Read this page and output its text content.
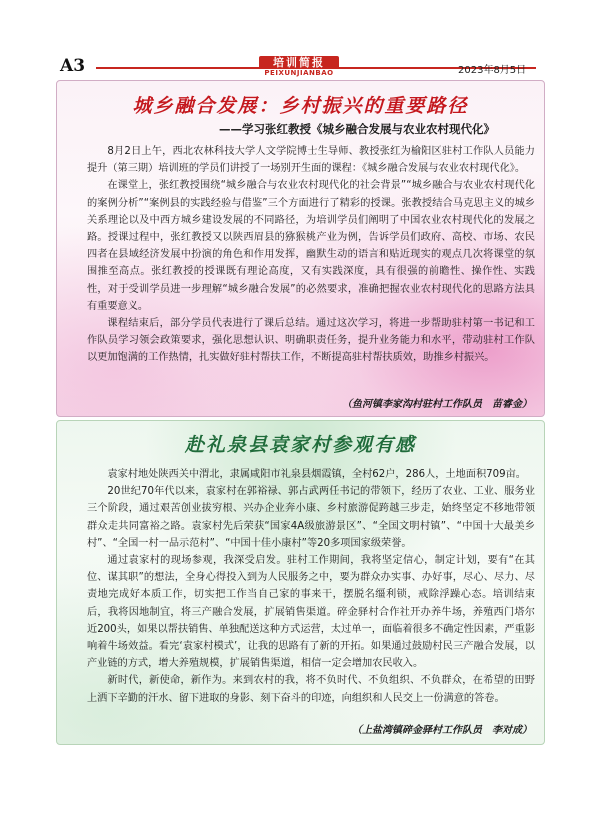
A3	培训简报
PEIXUNJIANBAO	2023年8月5日
城乡融合发展：乡村振兴的重要路径
——学习张红教授《城乡融合发展与农业农村现代化》

8月2日上午，西北农林科技大学人文学院博士生导师、教授张红为榆阳区驻村工作队人员能力提升（第三期）培训班的学员们讲授了一场别开生面的课程：《城乡融合发展与农业农村现代化》。

在课堂上，张红教授围绕“城乡融合与农业农村现代化的社会背景”“城乡融合与农业农村现代化的案例分析”“案例县的实践经验与借鉴”三个方面进行了精彩的授课。张教授结合马克思主义的城乡关系理论以及中西方城乡建设发展的不同路径，为培训学员们阐明了中国农业农村现代化的发展之路。授课过程中，张红教授又以陕西眉县的猕猴桃产业为例，告诉学员们政府、高校、市场、农民四者在县域经济发展中扮演的角色和作用发挥，幽默生动的语言和贴近现实的观点几次将课堂的氛围推至高点。张红教授的授课既有理论高度，又有实践深度，具有很强的前瞻性、操作性、实践性，对于受训学员进一步理解“城乡融合发展”的必然要求，准确把握农业农村现代化的思路方法具有重要意义。

课程结束后，部分学员代表进行了课后总结。通过这次学习，将进一步帮助驻村第一书记和工作队员学习领会政策要求，强化思想认识、明确职责任务，提升业务能力和水平，带动驻村工作队以更加饱满的工作热情，扎实做好驻村帮扶工作，不断提高驻村帮扶质效，助推乡村振兴。

（鱼河镇李家沟村驻村工作队员　苗睿金）
赴礼泉县袁家村参观有感

袁家村地处陕西关中渭北，隶属咸阳市礼泉县烟霞镇，全村62户，286人，土地面积709亩。

20世纪70年代以来，袁家村在郭裕禄、郭占武两任书记的带领下，经历了农业、工业、服务业三个阶段，通过艰苦创业拔穷根、兴办企业奔小康、乡村旅游促跨越三步走，始终坚定不移地带领群众走共同富裕之路。袁家村先后荣获“国家4A级旅游景区”、“全国文明村镇”、“中国十大最美乡村”、“全国一村一品示范村”、“中国十佳小康村”等20多项国家级荣誉。

通过袁家村的现场参观，我深受启发。驻村工作期间，我将坚定信心，制定计划，要有“在其位、谋其职”的想法，全身心得投入到为人民服务之中，要为群众办实事、办好事，尽心、尽力、尽责地完成好本质工作，切实把工作当自己家的事来干，摆脱名缰利锁，戒除浮躁心态。培训结束后，我将因地制宜，将三产融合发展，扩展销售渠道。碎金驿村合作社开办养牛场，养殖西门塔尔近200头，如果以帮扶销售、单独配送这种方式运营，太过单一，面临着很多不确定性因素，严重影响着牛场效益。看完‘袁家村模式’，让我的思路有了新的开拓。如果通过鼓励村民三产融合发展，以产业链的方式，增大养殖规模，扩展销售渠道，相信一定会增加农民收入。

新时代，新使命，新作为。来到农村的我，将不负时代、不负组织、不负群众，在希望的田野上洒下辛勤的汗水、留下进取的身影、刻下奋斗的印迹，向组织和人民交上一份满意的答卷。

（上盐湾镇碎金驿村工作队员　李对成）
